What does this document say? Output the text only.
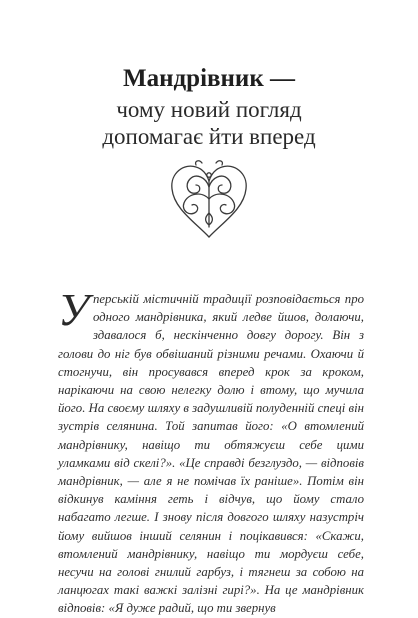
Мандрівник —
чому новий погляд
допомагає йти вперед
Уперській містичній традиції розповідається про одного мандрівника, який ледве йшов, долаючи, здавалося б, нескінченно довгу дорогу. Він з голови до ніг був обвішаний різними речами. Охаючи й стогнучи, він просувався вперед крок за кроком, нарікаючи на свою нелегку долю і втому, що мучила його. На своєму шляху в задушливій полуденній спеці він зустрів селянина. Той запитав його: «О втомлений мандрівнику, навіщо ти обтяжуєш себе цими уламками від скелі?». «Це справді безглуздо, — відповів мандрівник, — але я не помічав їх раніше». Потім він відкинув каміння геть і відчув, що йому стало набагато легше. І знову після довгого шляху назустріч йому вийшов інший селянин і поцікавився: «Скажи, втомлений мандрівнику, навіщо ти мордуєш себе, несучи на голові гнилий гарбуз, і тягнеш за собою на ланцюгах такі важкі залізні гирі?». На це мандрівник відповів: «Я дуже радий, що ти звернув
